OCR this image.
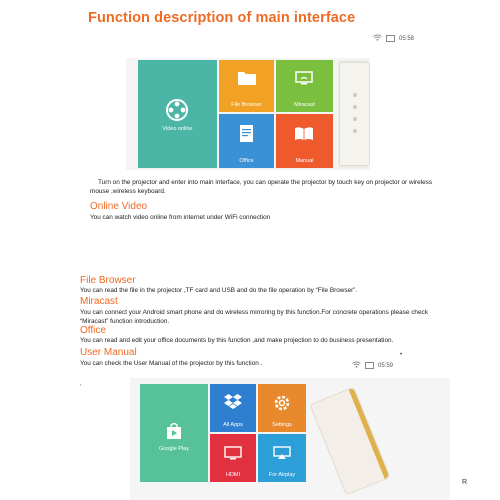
Function description of main interface
05:58
Video online
File Browser	Miracast
Office	Manual
Turn on the projector and enter into main interface, you can operate the projector by touch key on projector or wireless mouse ,wireless keyboard.
Online Video
You can watch video online from internet under WiFi connection
File Browser
You can read the file in the projector ,TF card and USB and do the file operation by “File Browser”.
Miracast
You can connect your Android smart phone and do wireless mirroring by this function.For concrete operations please check “Miracast” function introduction.
Office
You can read and edit your office documents by this function ,and make projection to do business presentation.
User Manual
You can check the User Manual of the projector by this function .	05:59
Google Play
All Apps	Settings
HDMI	For Airplay
•
,
R
